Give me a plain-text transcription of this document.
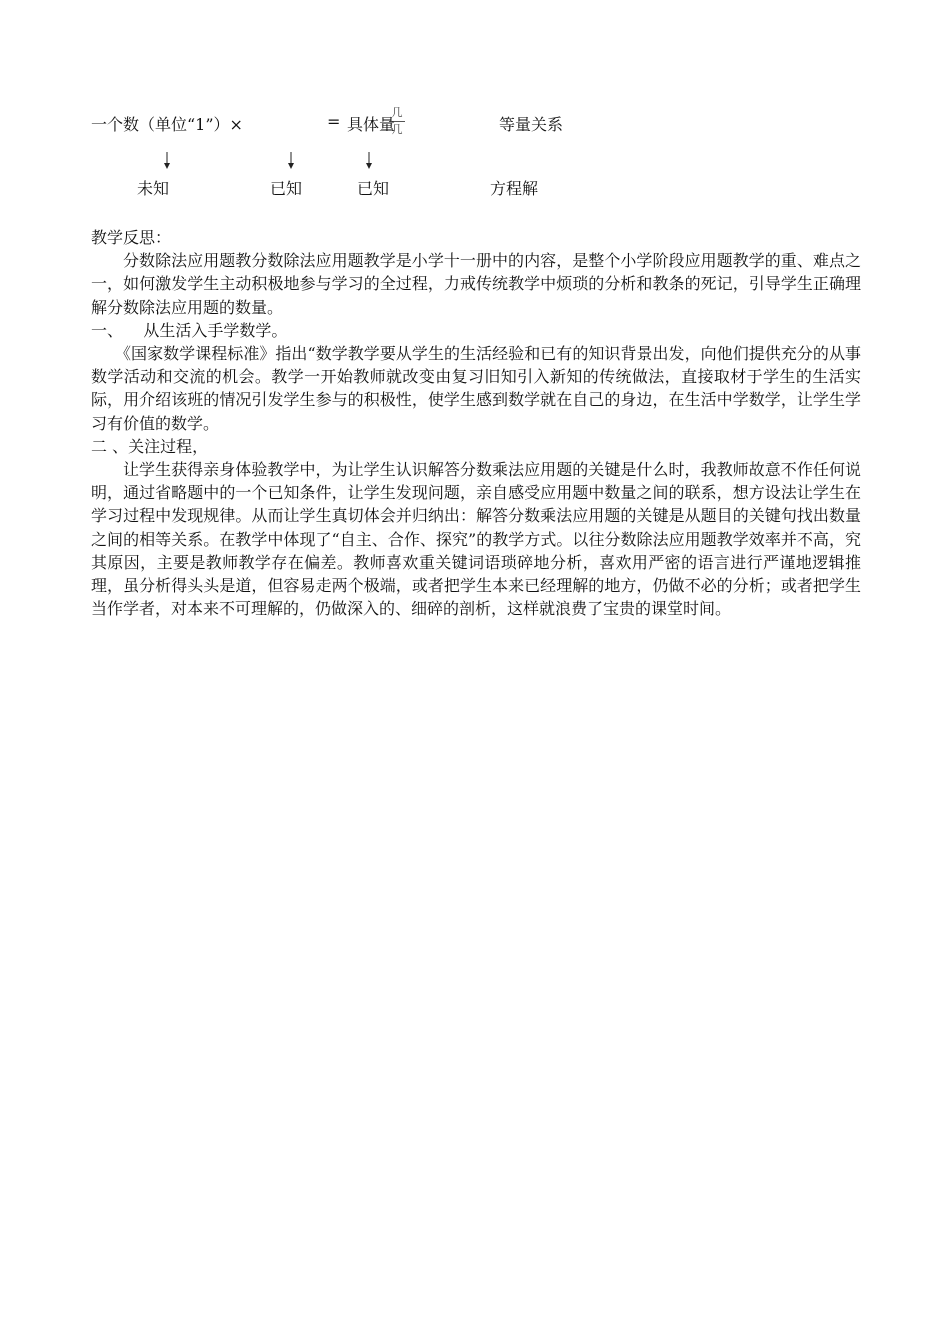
一个数（单位“1”）×
几
几
= 具体量	等量关系
未知	已知	已知	方程解

教学反思：

分数除法应用题教分数除法应用题教学是小学十一册中的内容，是整个小学阶段应用题教学的重、难点之一，如何激发学生主动积极地参与学习的全过程，力戒传统教学中烦琐的分析和教条的死记，引导学生正确理解分数除法应用题的数量。

一、    从生活入手学数学。

《国家数学课程标准》指出“数学教学要从学生的生活经验和已有的知识背景出发，向他们提供充分的从事数学活动和交流的机会。教学一开始教师就改变由复习旧知引入新知的传统做法，直接取材于学生的生活实际，用介绍该班的情况引发学生参与的积极性，使学生感到数学就在自己的身边，在生活中学数学，让学生学习有价值的数学。

二 、关注过程，

让学生获得亲身体验教学中，为让学生认识解答分数乘法应用题的关键是什么时，我教师故意不作任何说明，通过省略题中的一个已知条件，让学生发现问题，亲自感受应用题中数量之间的联系，想方设法让学生在学习过程中发现规律。从而让学生真切体会并归纳出：解答分数乘法应用题的关键是从题目的关键句找出数量之间的相等关系。在教学中体现了“自主、合作、探究”的教学方式。以往分数除法应用题教学效率并不高，究其原因，主要是教师教学存在偏差。教师喜欢重关键词语琐碎地分析，喜欢用严密的语言进行严谨地逻辑推理，虽分析得头头是道，但容易走两个极端，或者把学生本来已经理解的地方，仍做不必的分析；或者把学生当作学者，对本来不可理解的，仍做深入的、细碎的剖析，这样就浪费了宝贵的课堂时间。
